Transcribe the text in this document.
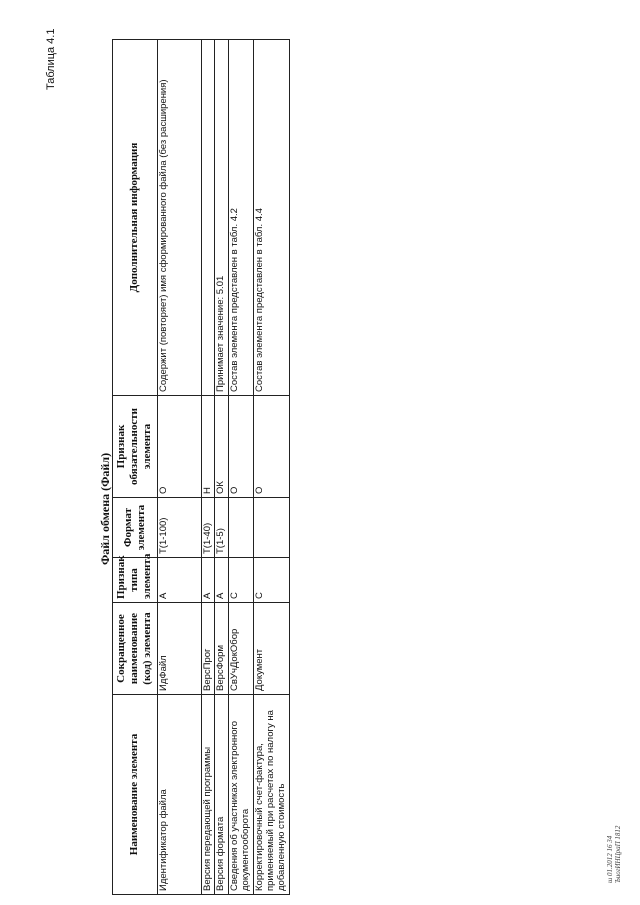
Таблица 4.1
Файл обмена (Файл)
Наименование элемента	Сокращенное наименование (код) элемента	Признак типа элемента	Формат элемента	Признак обязательности элемента	Дополнительная информация
Идентификатор файла	ИдФайл	А	Т(1-100)	О	Содержит (повторяет) имя сформированного файла (без расширения)
Версия передающей программы	ВерсПрог	А	Т(1-40)	Н	
Версия формата	ВерсФорм	А	Т(1-5)	ОК	Принимает значение: 5.01
Сведения об участниках электронного документооборота	СвУчДокОбор	С		О	Состав элемента представлен в табл. 4.2
Корректировочный счет-фактура, применяемый при расчетах по налогу на добавленную стоимость	Документ	С		О	Состав элемента представлен в табл. 4.4
ш 01.2012 16 34 ЪиогИНЦраП 1812
